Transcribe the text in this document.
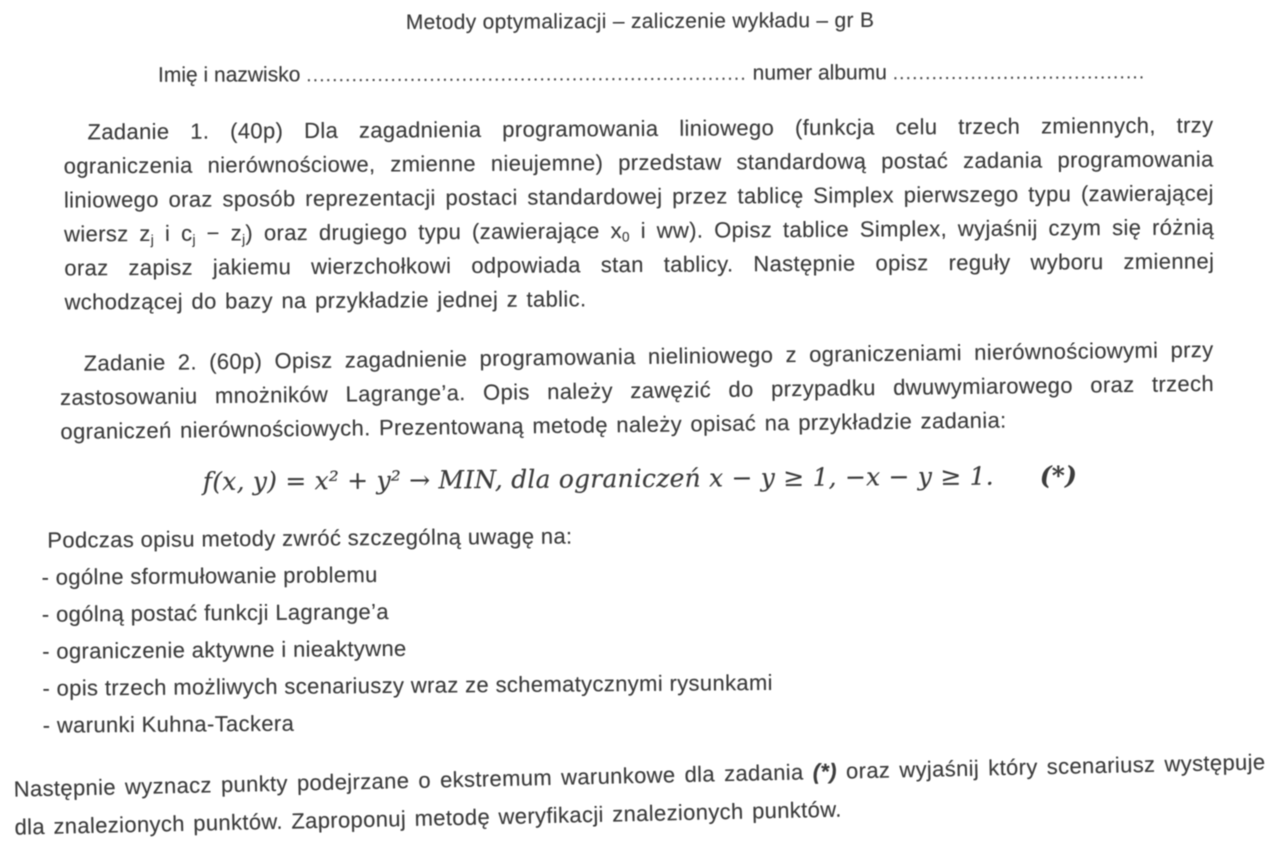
Metody optymalizacji – zaliczenie wykładu – gr B
Imię i nazwisko .................................................................... numer albumu .......................................

Zadanie 1. (40p) Dla zagadnienia programowania liniowego (funkcja celu trzech zmiennych, trzy ograniczenia nierównościowe, zmienne nieujemne) przedstaw standardową postać zadania programowania liniowego oraz sposób reprezentacji postaci standardowej przez tablicę Simplex pierwszego typu (zawierającej wiersz $z_j$ i $c_j - z_j$) oraz drugiego typu (zawierające $x_0$ i ww). Opisz tablice Simplex, wyjaśnij czym się różnią oraz zapisz jakiemu wierzchołkowi odpowiada stan tablicy. Następnie opisz reguły wyboru zmiennej wchodzącej do bazy na przykładzie jednej z tablic.

Zadanie 2. (60p) Opisz zagadnienie programowania nieliniowego z ograniczeniami nierównościowymi przy zastosowaniu mnożników Lagrange’a. Opis należy zawęzić do przypadku dwuwymiarowego oraz trzech ograniczeń nierównościowych. Prezentowaną metodę należy opisać na przykładzie zadania:

f(x, y) = x² + y² → MIN, dla ograniczeń x − y ≥ 1, −x − y ≥ 1. (*)
Podczas opisu metody zwróć szczególną uwagę na:
- ogólne sformułowanie problemu
- ogólną postać funkcji Lagrange’a
- ograniczenie aktywne i nieaktywne
- opis trzech możliwych scenariuszy wraz ze schematycznymi rysunkami
- warunki Kuhna-Tackera

Następnie wyznacz punkty podejrzane o ekstremum warunkowe dla zadania (*) oraz wyjaśnij który scenariusz występuje dla znalezionych punktów. Zaproponuj metodę weryfikacji znalezionych punktów.
